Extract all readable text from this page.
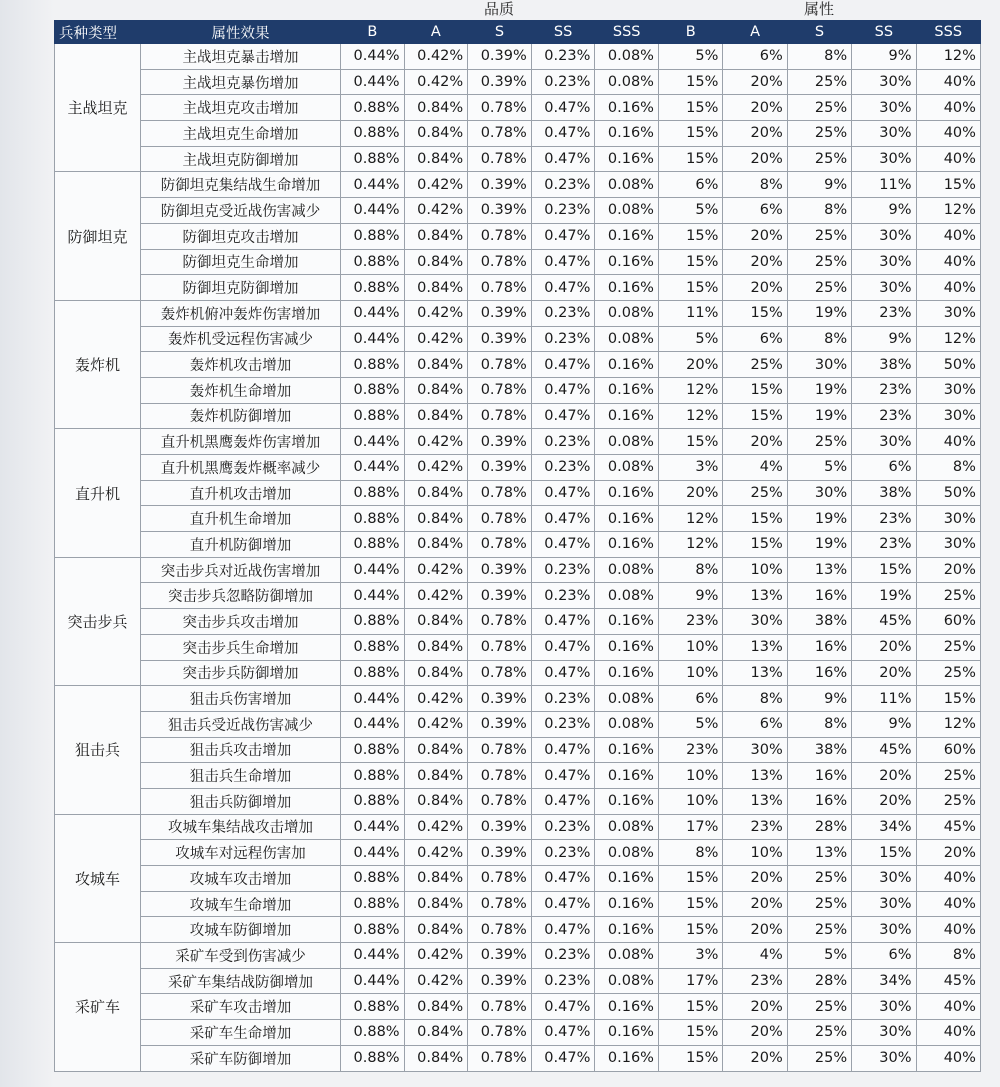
品质	属性
兵种类型	属性效果	B	A	S	SS	SSS	B	A	S	SS	SSS
主战坦克	主战坦克暴击增加	0.44%	0.42%	0.39%	0.23%	0.08%	5%	6%	8%	9%	12%
	主战坦克暴伤增加	0.44%	0.42%	0.39%	0.23%	0.08%	15%	20%	25%	30%	40%
	主战坦克攻击增加	0.88%	0.84%	0.78%	0.47%	0.16%	15%	20%	25%	30%	40%
	主战坦克生命增加	0.88%	0.84%	0.78%	0.47%	0.16%	15%	20%	25%	30%	40%
	主战坦克防御增加	0.88%	0.84%	0.78%	0.47%	0.16%	15%	20%	25%	30%	40%
防御坦克	防御坦克集结战生命增加	0.44%	0.42%	0.39%	0.23%	0.08%	6%	8%	9%	11%	15%
	防御坦克受近战伤害减少	0.44%	0.42%	0.39%	0.23%	0.08%	5%	6%	8%	9%	12%
	防御坦克攻击增加	0.88%	0.84%	0.78%	0.47%	0.16%	15%	20%	25%	30%	40%
	防御坦克生命增加	0.88%	0.84%	0.78%	0.47%	0.16%	15%	20%	25%	30%	40%
	防御坦克防御增加	0.88%	0.84%	0.78%	0.47%	0.16%	15%	20%	25%	30%	40%
轰炸机	轰炸机俯冲轰炸伤害增加	0.44%	0.42%	0.39%	0.23%	0.08%	11%	15%	19%	23%	30%
	轰炸机受远程伤害减少	0.44%	0.42%	0.39%	0.23%	0.08%	5%	6%	8%	9%	12%
	轰炸机攻击增加	0.88%	0.84%	0.78%	0.47%	0.16%	20%	25%	30%	38%	50%
	轰炸机生命增加	0.88%	0.84%	0.78%	0.47%	0.16%	12%	15%	19%	23%	30%
	轰炸机防御增加	0.88%	0.84%	0.78%	0.47%	0.16%	12%	15%	19%	23%	30%
直升机	直升机黑鹰轰炸伤害增加	0.44%	0.42%	0.39%	0.23%	0.08%	15%	20%	25%	30%	40%
	直升机黑鹰轰炸概率减少	0.44%	0.42%	0.39%	0.23%	0.08%	3%	4%	5%	6%	8%
	直升机攻击增加	0.88%	0.84%	0.78%	0.47%	0.16%	20%	25%	30%	38%	50%
	直升机生命增加	0.88%	0.84%	0.78%	0.47%	0.16%	12%	15%	19%	23%	30%
	直升机防御增加	0.88%	0.84%	0.78%	0.47%	0.16%	12%	15%	19%	23%	30%
突击步兵	突击步兵对近战伤害增加	0.44%	0.42%	0.39%	0.23%	0.08%	8%	10%	13%	15%	20%
	突击步兵忽略防御增加	0.44%	0.42%	0.39%	0.23%	0.08%	9%	13%	16%	19%	25%
	突击步兵攻击增加	0.88%	0.84%	0.78%	0.47%	0.16%	23%	30%	38%	45%	60%
	突击步兵生命增加	0.88%	0.84%	0.78%	0.47%	0.16%	10%	13%	16%	20%	25%
	突击步兵防御增加	0.88%	0.84%	0.78%	0.47%	0.16%	10%	13%	16%	20%	25%
狙击兵	狙击兵伤害增加	0.44%	0.42%	0.39%	0.23%	0.08%	6%	8%	9%	11%	15%
	狙击兵受近战伤害减少	0.44%	0.42%	0.39%	0.23%	0.08%	5%	6%	8%	9%	12%
	狙击兵攻击增加	0.88%	0.84%	0.78%	0.47%	0.16%	23%	30%	38%	45%	60%
	狙击兵生命增加	0.88%	0.84%	0.78%	0.47%	0.16%	10%	13%	16%	20%	25%
	狙击兵防御增加	0.88%	0.84%	0.78%	0.47%	0.16%	10%	13%	16%	20%	25%
攻城车	攻城车集结战攻击增加	0.44%	0.42%	0.39%	0.23%	0.08%	17%	23%	28%	34%	45%
	攻城车对远程伤害加	0.44%	0.42%	0.39%	0.23%	0.08%	8%	10%	13%	15%	20%
	攻城车攻击增加	0.88%	0.84%	0.78%	0.47%	0.16%	15%	20%	25%	30%	40%
	攻城车生命增加	0.88%	0.84%	0.78%	0.47%	0.16%	15%	20%	25%	30%	40%
	攻城车防御增加	0.88%	0.84%	0.78%	0.47%	0.16%	15%	20%	25%	30%	40%
采矿车	采矿车受到伤害减少	0.44%	0.42%	0.39%	0.23%	0.08%	3%	4%	5%	6%	8%
	采矿车集结战防御增加	0.44%	0.42%	0.39%	0.23%	0.08%	17%	23%	28%	34%	45%
	采矿车攻击增加	0.88%	0.84%	0.78%	0.47%	0.16%	15%	20%	25%	30%	40%
	采矿车生命增加	0.88%	0.84%	0.78%	0.47%	0.16%	15%	20%	25%	30%	40%
	采矿车防御增加	0.88%	0.84%	0.78%	0.47%	0.16%	15%	20%	25%	30%	40%
